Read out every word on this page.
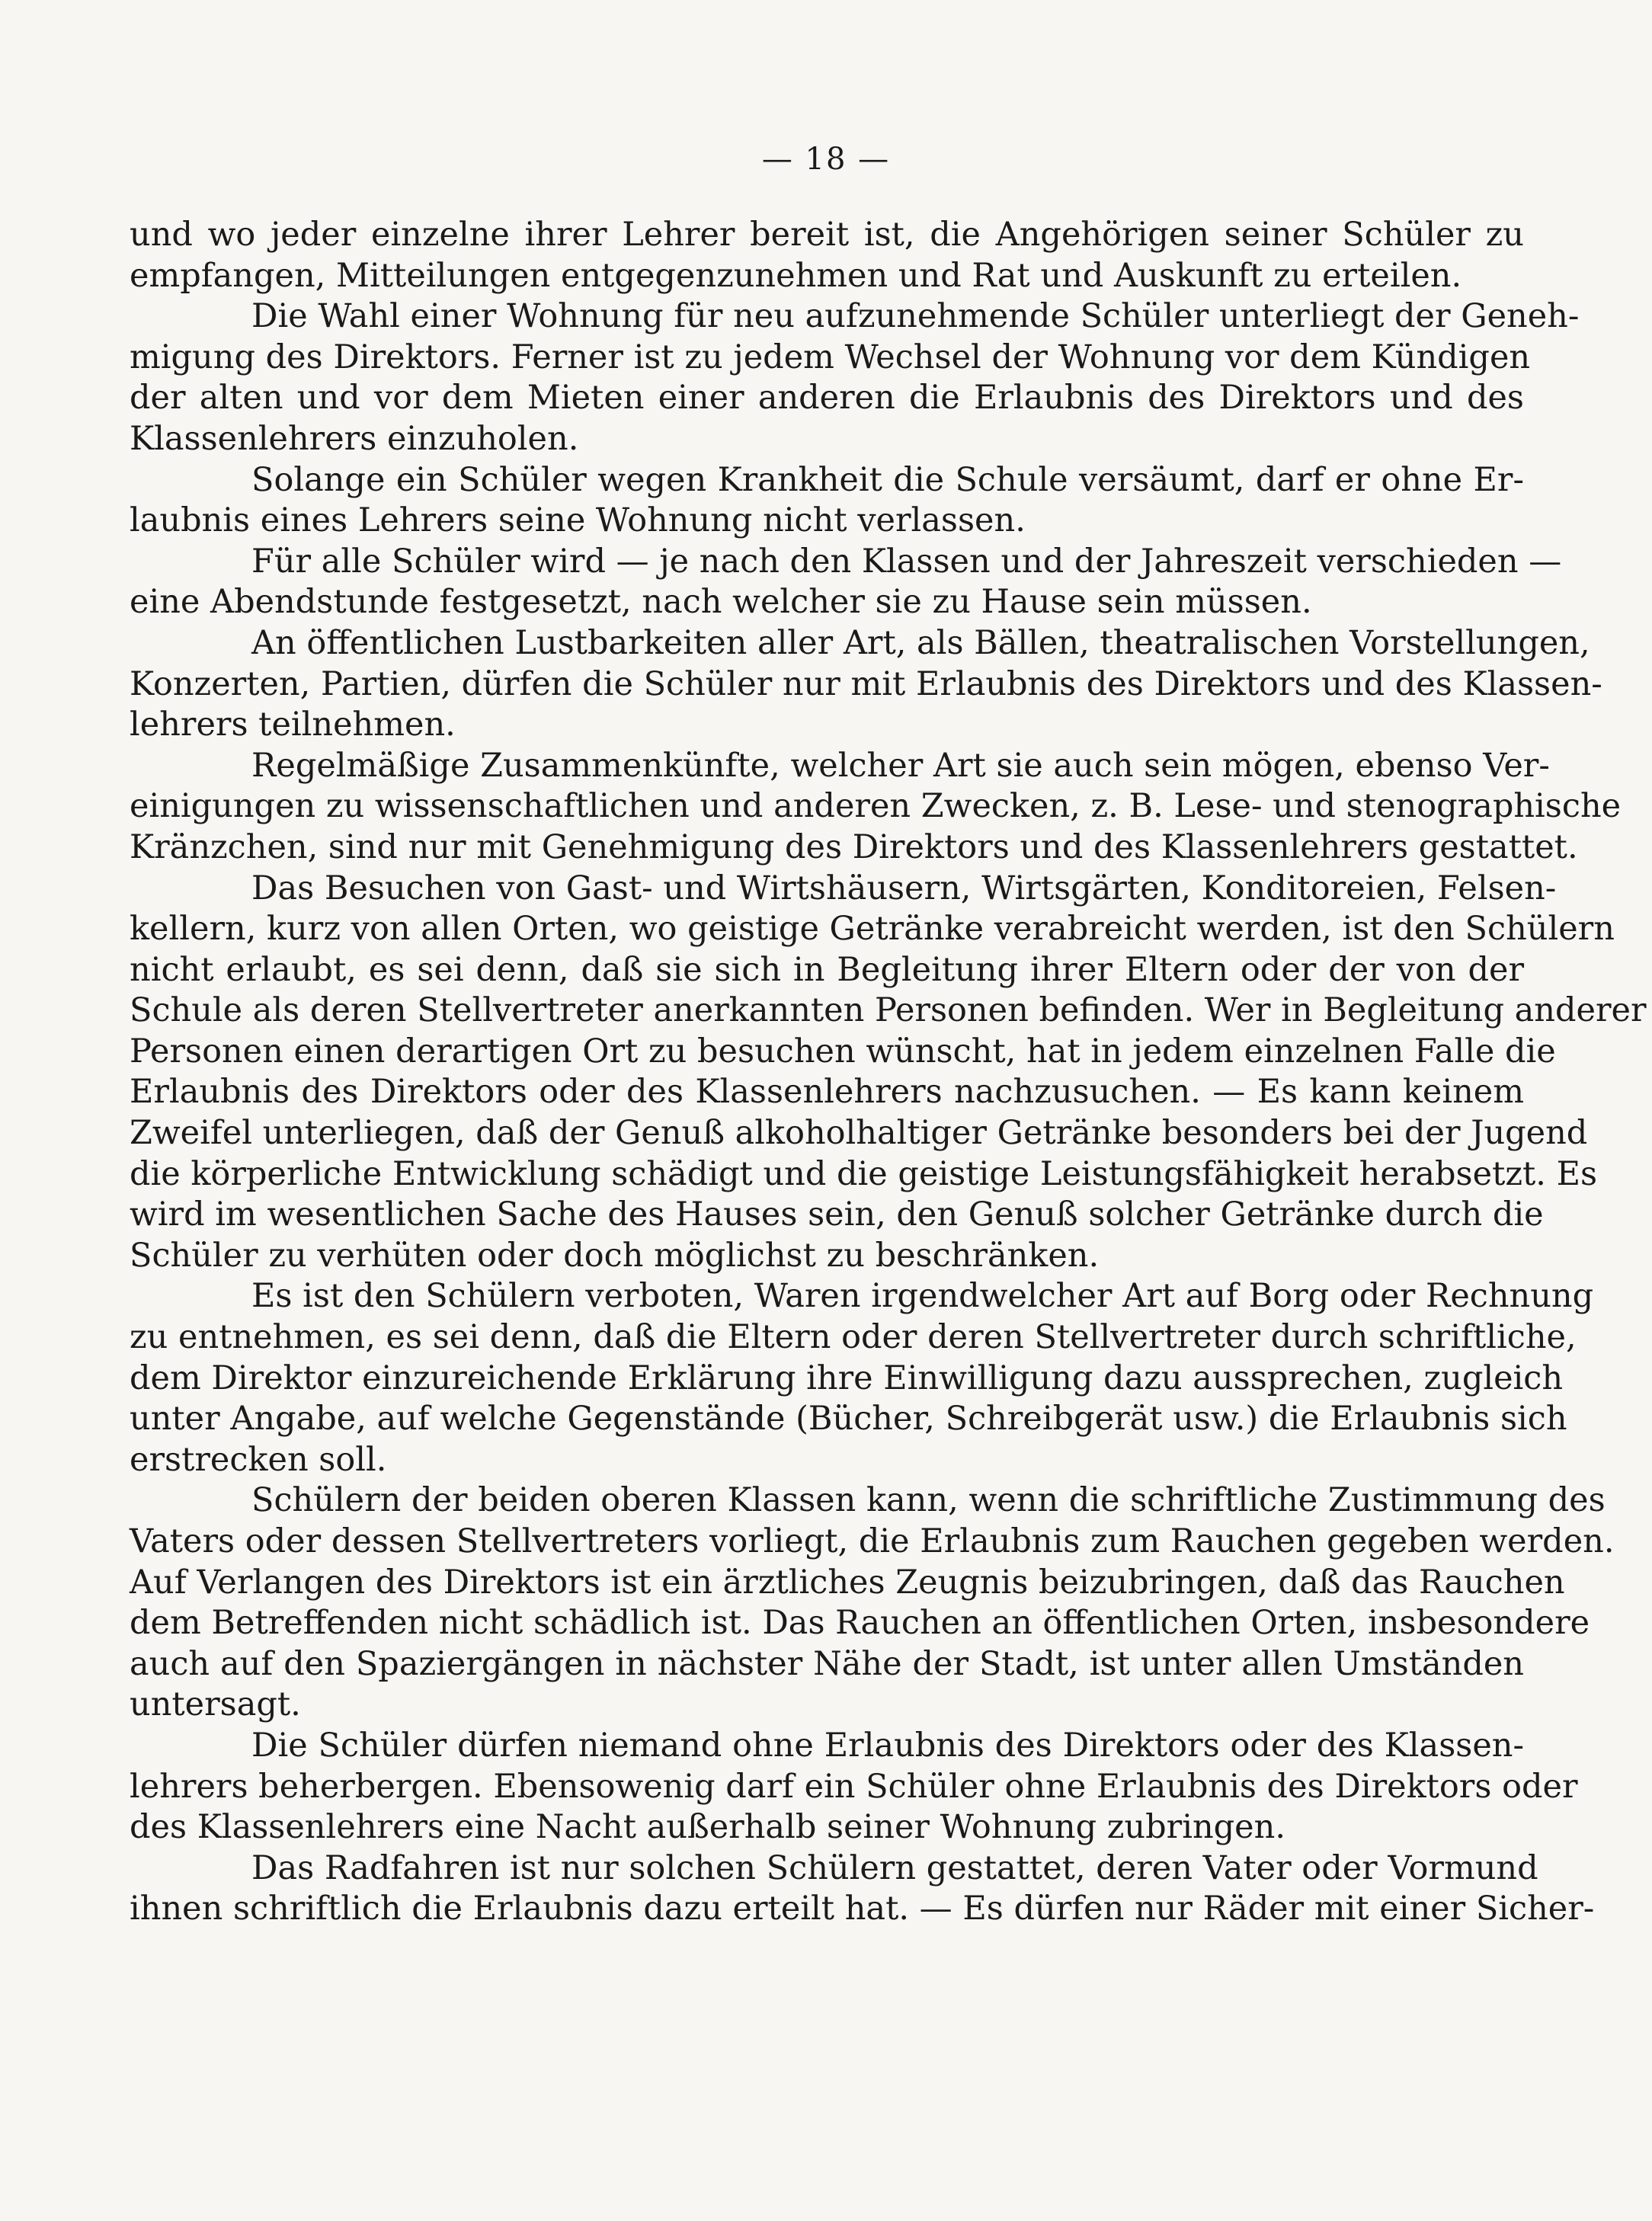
— 18 —
und wo jeder einzelne ihrer Lehrer bereit ist, die Angehörigen seiner Schüler zu
empfangen, Mitteilungen entgegenzunehmen und Rat und Auskunft zu erteilen.
Die Wahl einer Wohnung für neu aufzunehmende Schüler unterliegt der Geneh-
migung des Direktors. Ferner ist zu jedem Wechsel der Wohnung vor dem Kündigen
der alten und vor dem Mieten einer anderen die Erlaubnis des Direktors und des
Klassenlehrers einzuholen.
Solange ein Schüler wegen Krankheit die Schule versäumt, darf er ohne Er-
laubnis eines Lehrers seine Wohnung nicht verlassen.
Für alle Schüler wird — je nach den Klassen und der Jahreszeit verschieden —
eine Abendstunde festgesetzt, nach welcher sie zu Hause sein müssen.
An öffentlichen Lustbarkeiten aller Art, als Bällen, theatralischen Vorstellungen,
Konzerten, Partien, dürfen die Schüler nur mit Erlaubnis des Direktors und des Klassen-
lehrers teilnehmen.
Regelmäßige Zusammenkünfte, welcher Art sie auch sein mögen, ebenso Ver-
einigungen zu wissenschaftlichen und anderen Zwecken, z. B. Lese- und stenographische
Kränzchen, sind nur mit Genehmigung des Direktors und des Klassenlehrers gestattet.
Das Besuchen von Gast- und Wirtshäusern, Wirtsgärten, Konditoreien, Felsen-
kellern, kurz von allen Orten, wo geistige Getränke verabreicht werden, ist den Schülern
nicht erlaubt, es sei denn, daß sie sich in Begleitung ihrer Eltern oder der von der
Schule als deren Stellvertreter anerkannten Personen befinden. Wer in Begleitung anderer
Personen einen derartigen Ort zu besuchen wünscht, hat in jedem einzelnen Falle die
Erlaubnis des Direktors oder des Klassenlehrers nachzusuchen. — Es kann keinem
Zweifel unterliegen, daß der Genuß alkoholhaltiger Getränke besonders bei der Jugend
die körperliche Entwicklung schädigt und die geistige Leistungsfähigkeit herabsetzt. Es
wird im wesentlichen Sache des Hauses sein, den Genuß solcher Getränke durch die
Schüler zu verhüten oder doch möglichst zu beschränken.
Es ist den Schülern verboten, Waren irgendwelcher Art auf Borg oder Rechnung
zu entnehmen, es sei denn, daß die Eltern oder deren Stellvertreter durch schriftliche,
dem Direktor einzureichende Erklärung ihre Einwilligung dazu aussprechen, zugleich
unter Angabe, auf welche Gegenstände (Bücher, Schreibgerät usw.) die Erlaubnis sich
erstrecken soll.
Schülern der beiden oberen Klassen kann, wenn die schriftliche Zustimmung des
Vaters oder dessen Stellvertreters vorliegt, die Erlaubnis zum Rauchen gegeben werden.
Auf Verlangen des Direktors ist ein ärztliches Zeugnis beizubringen, daß das Rauchen
dem Betreffenden nicht schädlich ist. Das Rauchen an öffentlichen Orten, insbesondere
auch auf den Spaziergängen in nächster Nähe der Stadt, ist unter allen Umständen
untersagt.
Die Schüler dürfen niemand ohne Erlaubnis des Direktors oder des Klassen-
lehrers beherbergen. Ebensowenig darf ein Schüler ohne Erlaubnis des Direktors oder
des Klassenlehrers eine Nacht außerhalb seiner Wohnung zubringen.
Das Radfahren ist nur solchen Schülern gestattet, deren Vater oder Vormund
ihnen schriftlich die Erlaubnis dazu erteilt hat. — Es dürfen nur Räder mit einer Sicher-
